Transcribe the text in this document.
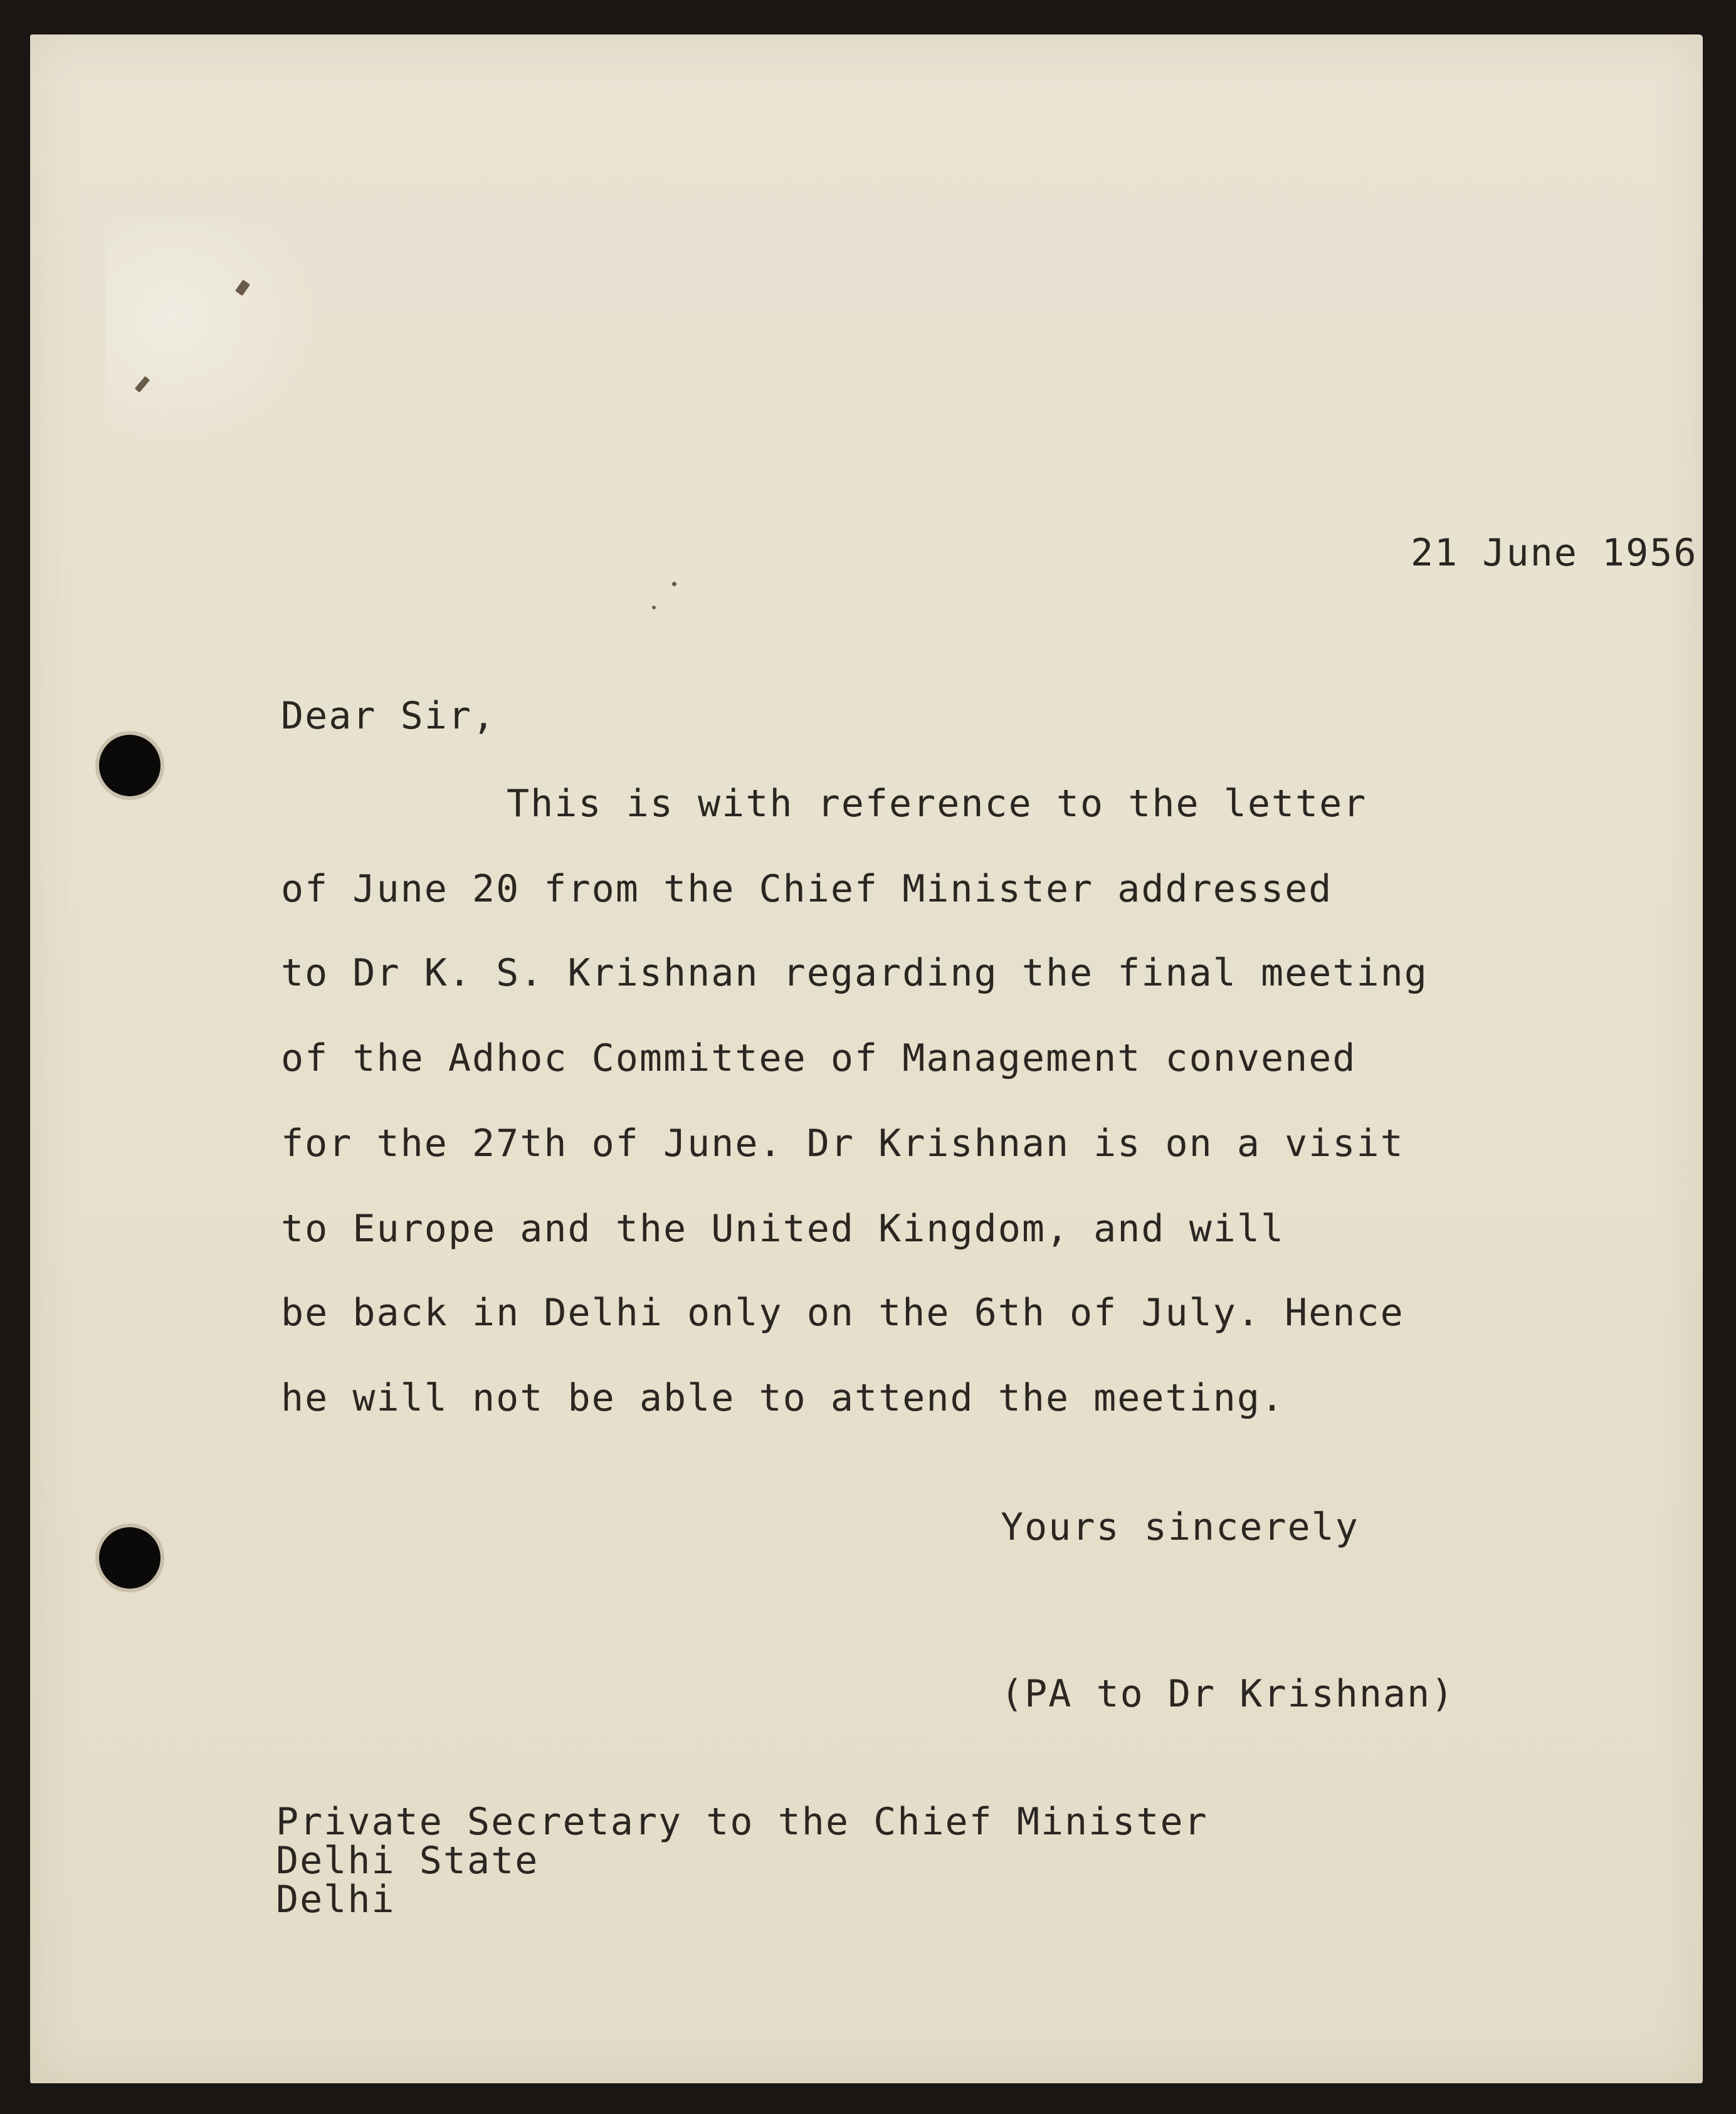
21 June 1956

Dear Sir,

This is with reference to the letter

of June 20 from the Chief Minister addressed

to Dr K. S. Krishnan regarding the final meeting

of the Adhoc Committee of Management convened

for the 27th of June. Dr Krishnan is on a visit

to Europe and the United Kingdom, and will

be back in Delhi only on the 6th of July. Hence

he will not be able to attend the meeting.

Yours sincerely

(PA to Dr Krishnan)

Private Secretary to the Chief Minister

Delhi State

Delhi
